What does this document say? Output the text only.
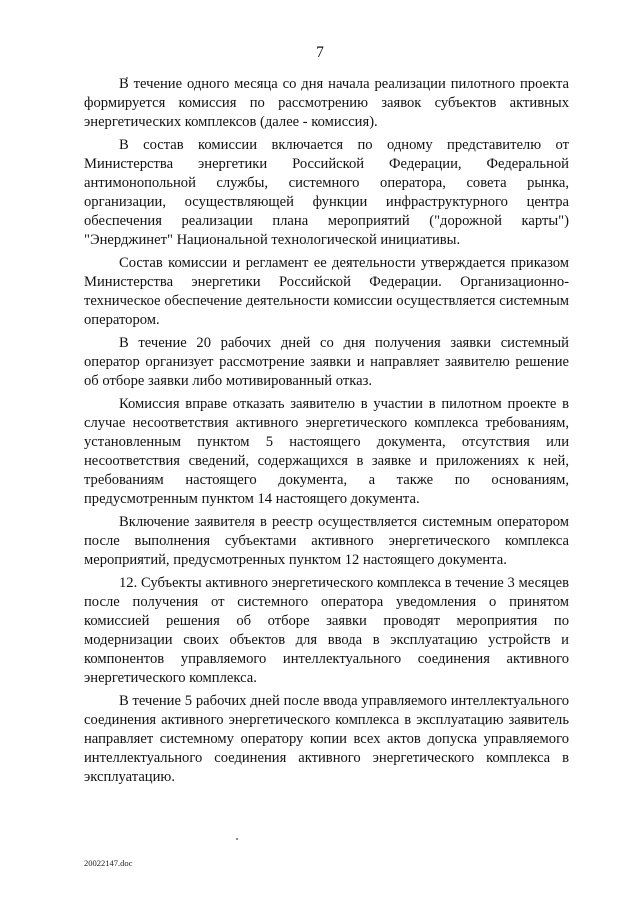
7

В течение одного месяца со дня начала реализации пилотного проекта формируется комиссия по рассмотрению заявок субъектов активных энергетических комплексов (далее - комиссия).

В состав комиссии включается по одному представителю от Министерства энергетики Российской Федерации, Федеральной антимонопольной службы, системного оператора, совета рынка, организации, осуществляющей функции инфраструктурного центра обеспечения реализации плана мероприятий ("дорожной карты") "Энерджинет" Национальной технологической инициативы.

Состав комиссии и регламент ее деятельности утверждается приказом Министерства энергетики Российской Федерации. Организационно-техническое обеспечение деятельности комиссии осуществляется системным оператором.

В течение 20 рабочих дней со дня получения заявки системный оператор организует рассмотрение заявки и направляет заявителю решение об отборе заявки либо мотивированный отказ.

Комиссия вправе отказать заявителю в участии в пилотном проекте в случае несоответствия активного энергетического комплекса требованиям, установленным пунктом 5 настоящего документа, отсутствия или несоответствия сведений, содержащихся в заявке и приложениях к ней, требованиям настоящего документа, а также по основаниям, предусмотренным пунктом 14 настоящего документа.

Включение заявителя в реестр осуществляется системным оператором после выполнения субъектами активного энергетического комплекса мероприятий, предусмотренных пунктом 12 настоящего документа.

12. Субъекты активного энергетического комплекса в течение 3 месяцев после получения от системного оператора уведомления о принятом комиссией решения об отборе заявки проводят мероприятия по модернизации своих объектов для ввода в эксплуатацию устройств и компонентов управляемого интеллектуального соединения активного энергетического комплекса.

В течение 5 рабочих дней после ввода управляемого интеллектуального соединения активного энергетического комплекса в эксплуатацию заявитель направляет системному оператору копии всех актов допуска управляемого интеллектуального соединения активного энергетического комплекса в эксплуатацию.

20022147.doc
